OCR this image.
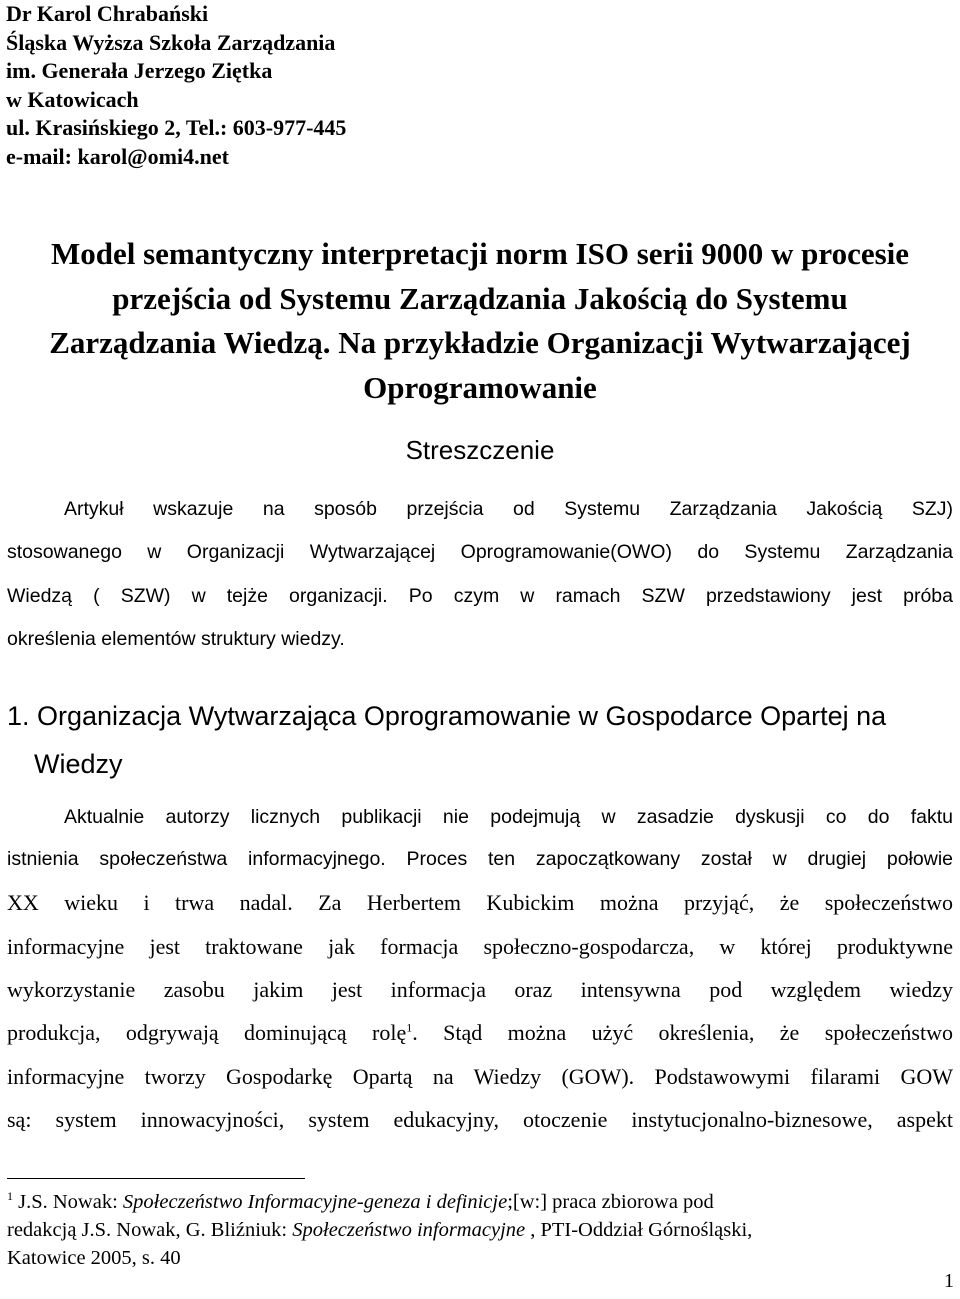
Dr Karol Chrabański
Śląska Wyższa Szkoła Zarządzania
im. Generała Jerzego Ziętka
w Katowicach
ul. Krasińskiego 2, Tel.: 603-977-445
e-mail: karol@omi4.net
Model semantyczny interpretacji norm ISO serii 9000 w procesie
przejścia od Systemu Zarządzania Jakością do Systemu
Zarządzania Wiedzą. Na przykładzie Organizacji Wytwarzającej
Oprogramowanie
Streszczenie
Artykuł wskazuje na sposób przejścia od Systemu Zarządzania Jakością SZJ)
stosowanego w Organizacji Wytwarzającej Oprogramowanie(OWO) do Systemu Zarządzania
Wiedzą ( SZW) w tejże organizacji. Po czym w ramach SZW przedstawiony jest próba
określenia elementów struktury wiedzy.
1. Organizacja Wytwarzająca Oprogramowanie w Gospodarce Opartej na
Wiedzy
Aktualnie autorzy licznych publikacji nie podejmują w zasadzie dyskusji co do faktu
istnienia społeczeństwa informacyjnego. Proces ten zapoczątkowany został w drugiej połowie
XX wieku i trwa nadal. Za Herbertem Kubickim można przyjąć, że społeczeństwo
informacyjne jest traktowane jak formacja społeczno-gospodarcza, w której produktywne
wykorzystanie zasobu jakim jest informacja oraz intensywna pod względem wiedzy
produkcja, odgrywają dominującą rolę$^1$. Stąd można użyć określenia, że społeczeństwo
informacyjne tworzy Gospodarkę Opartą na Wiedzy (GOW). Podstawowymi filarami GOW
są: system innowacyjności, system edukacyjny, otoczenie instytucjonalno-biznesowe, aspekt
$^1$ J.S. Nowak: Społeczeństwo Informacyjne-geneza i definicje;[w:] praca zbiorowa pod
redakcją J.S. Nowak, G. Bliźniuk: Społeczeństwo informacyjne , PTI-Oddział Górnośląski,
Katowice 2005, s. 40
1
